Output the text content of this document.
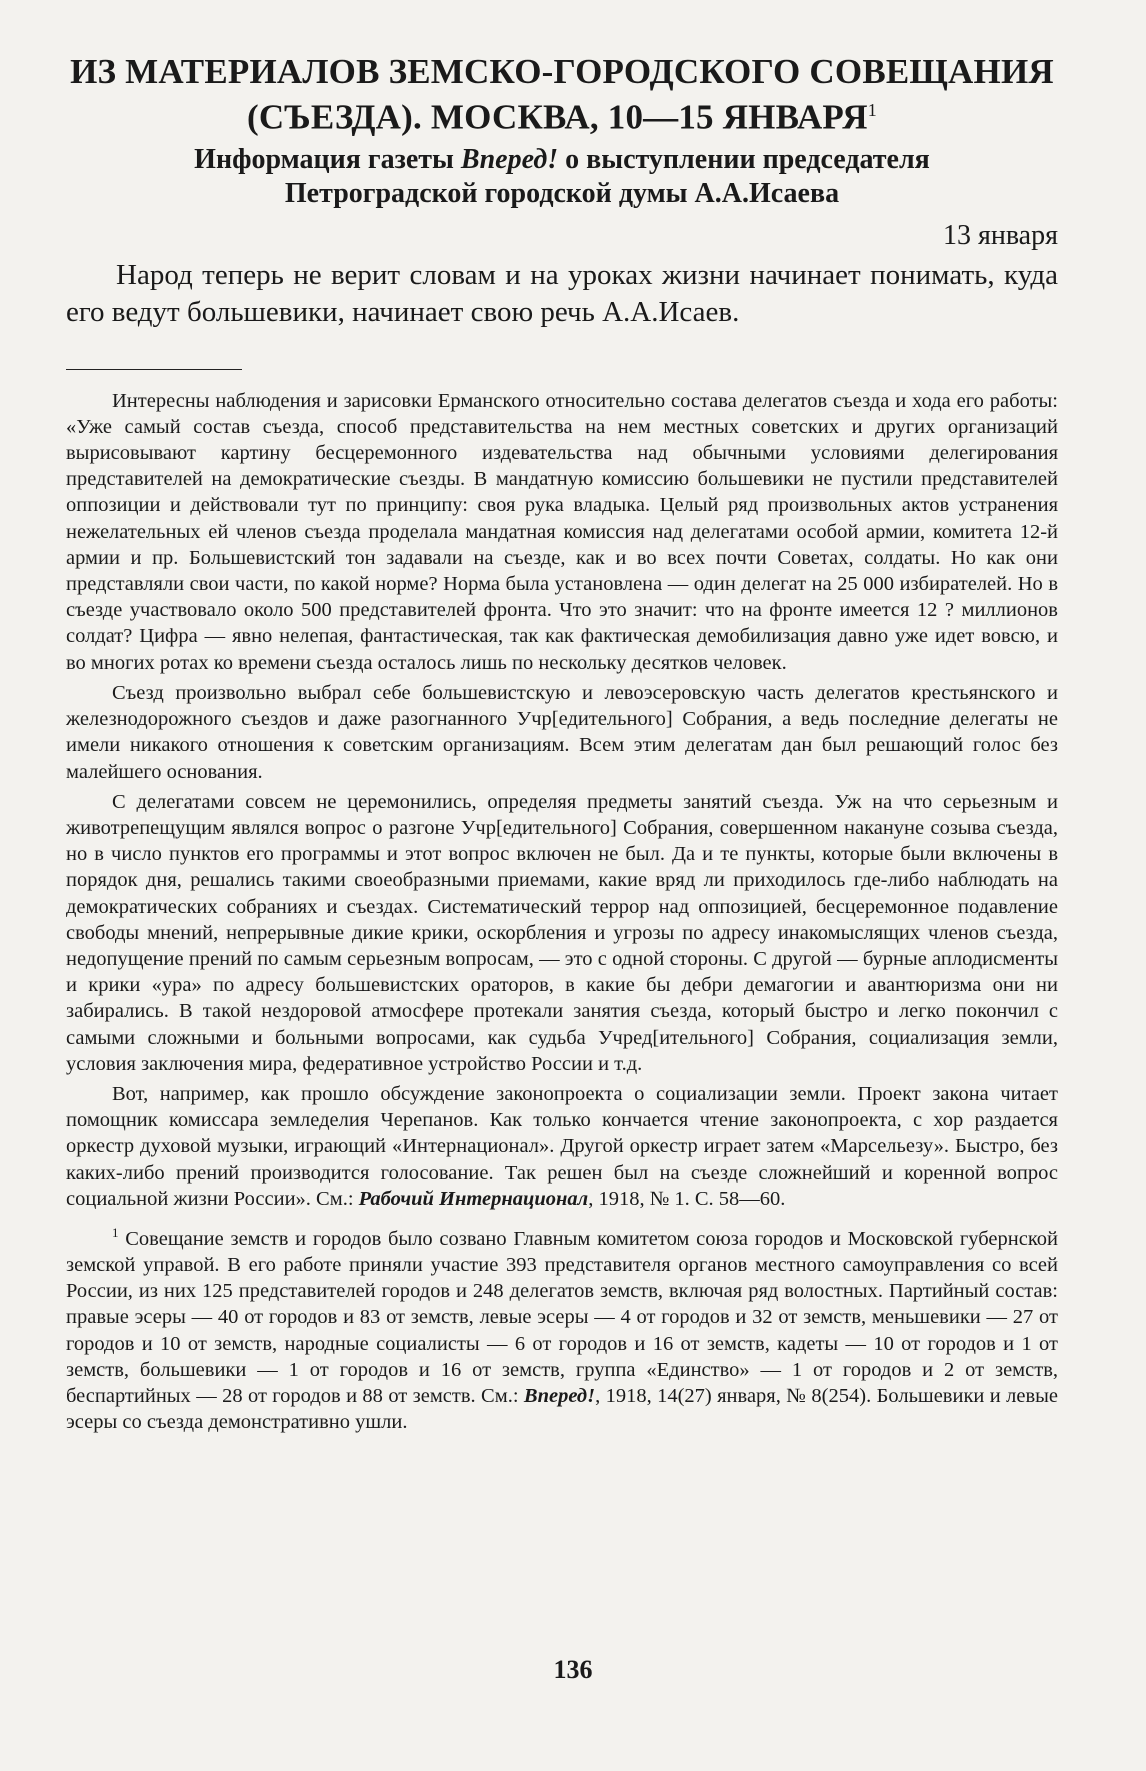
ИЗ МАТЕРИАЛОВ ЗЕМСКО-ГОРОДСКОГО СОВЕЩАНИЯ
(СЪЕЗДА). МОСКВА, 10—15 ЯНВАРЯ$^1$

Информация газеты Вперед! о выступлении председателя
Петроградской городской думы А.А.Исаева

13 января

Народ теперь не верит словам и на уроках жизни начинает понимать, куда его ведут большевики, начинает свою речь А.А.Исаев.

Интересны наблюдения и зарисовки Ерманского относительно состава делегатов съезда и хода его работы: «Уже самый состав съезда, способ представительства на нем местных советских и других организаций вырисовывают картину бесцеремонного издевательства над обычными условиями делегирования представителей на демократические съезды. В мандатную комиссию большевики не пустили представителей оппозиции и действовали тут по принципу: своя рука владыка. Целый ряд произвольных актов устранения нежелательных ей членов съезда проделала мандатная комиссия над делегатами особой армии, комитета 12-й армии и пр. Большевистский тон задавали на съезде, как и во всех почти Советах, солдаты. Но как они представляли свои части, по какой норме? Норма была установлена — один делегат на 25 000 избирателей. Но в съезде участвовало около 500 представителей фронта. Что это значит: что на фронте имеется 12 ? миллионов солдат? Цифра — явно нелепая, фантастическая, так как фактическая демобилизация давно уже идет вовсю, и во многих ротах ко времени съезда осталось лишь по нескольку десятков человек.

Съезд произвольно выбрал себе большевистскую и левоэсеровскую часть делегатов крестьянского и железнодорожного съездов и даже разогнанного Учр[едительного] Собрания, а ведь последние делегаты не имели никакого отношения к советским организациям. Всем этим делегатам дан был решающий голос без малейшего основания.

С делегатами совсем не церемонились, определяя предметы занятий съезда. Уж на что серьезным и животрепещущим являлся вопрос о разгоне Учр[едительного] Собрания, совершенном накануне созыва съезда, но в число пунктов его программы и этот вопрос включен не был. Да и те пункты, которые были включены в порядок дня, решались такими своеобразными приемами, какие вряд ли приходилось где-либо наблюдать на демократических собраниях и съездах. Систематический террор над оппозицией, бесцеремонное подавление свободы мнений, непрерывные дикие крики, оскорбления и угрозы по адресу инакомыслящих членов съезда, недопущение прений по самым серьезным вопросам, — это с одной стороны. С другой — бурные аплодисменты и крики «ура» по адресу большевистских ораторов, в какие бы дебри демагогии и авантюризма они ни забирались. В такой нездоровой атмосфере протекали занятия съезда, который быстро и легко покончил с самыми сложными и больными вопросами, как судьба Учред[ительного] Собрания, социализация земли, условия заключения мира, федеративное устройство России и т.д.

Вот, например, как прошло обсуждение законопроекта о социализации земли. Проект закона читает помощник комиссара земледелия Черепанов. Как только кончается чтение законопроекта, с хор раздается оркестр духовой музыки, играющий «Интернационал». Другой оркестр играет затем «Марсельезу». Быстро, без каких-либо прений производится голосование. Так решен был на съезде сложнейший и коренной вопрос социальной жизни России». См.: Рабочий Интернационал, 1918, № 1. С. 58—60.

$^1$ Совещание земств и городов было созвано Главным комитетом союза городов и Московской губернской земской управой. В его работе приняли участие 393 представителя органов местного самоуправления со всей России, из них 125 представителей городов и 248 делегатов земств, включая ряд волостных. Партийный состав: правые эсеры — 40 от городов и 83 от земств, левые эсеры — 4 от городов и 32 от земств, меньшевики — 27 от городов и 10 от земств, народные социалисты — 6 от городов и 16 от земств, кадеты — 10 от городов и 1 от земств, большевики — 1 от городов и 16 от земств, группа «Единство» — 1 от городов и 2 от земств, беспартийных — 28 от городов и 88 от земств. См.: Вперед!, 1918, 14(27) января, № 8(254). Большевики и левые эсеры со съезда демонстративно ушли.

136
